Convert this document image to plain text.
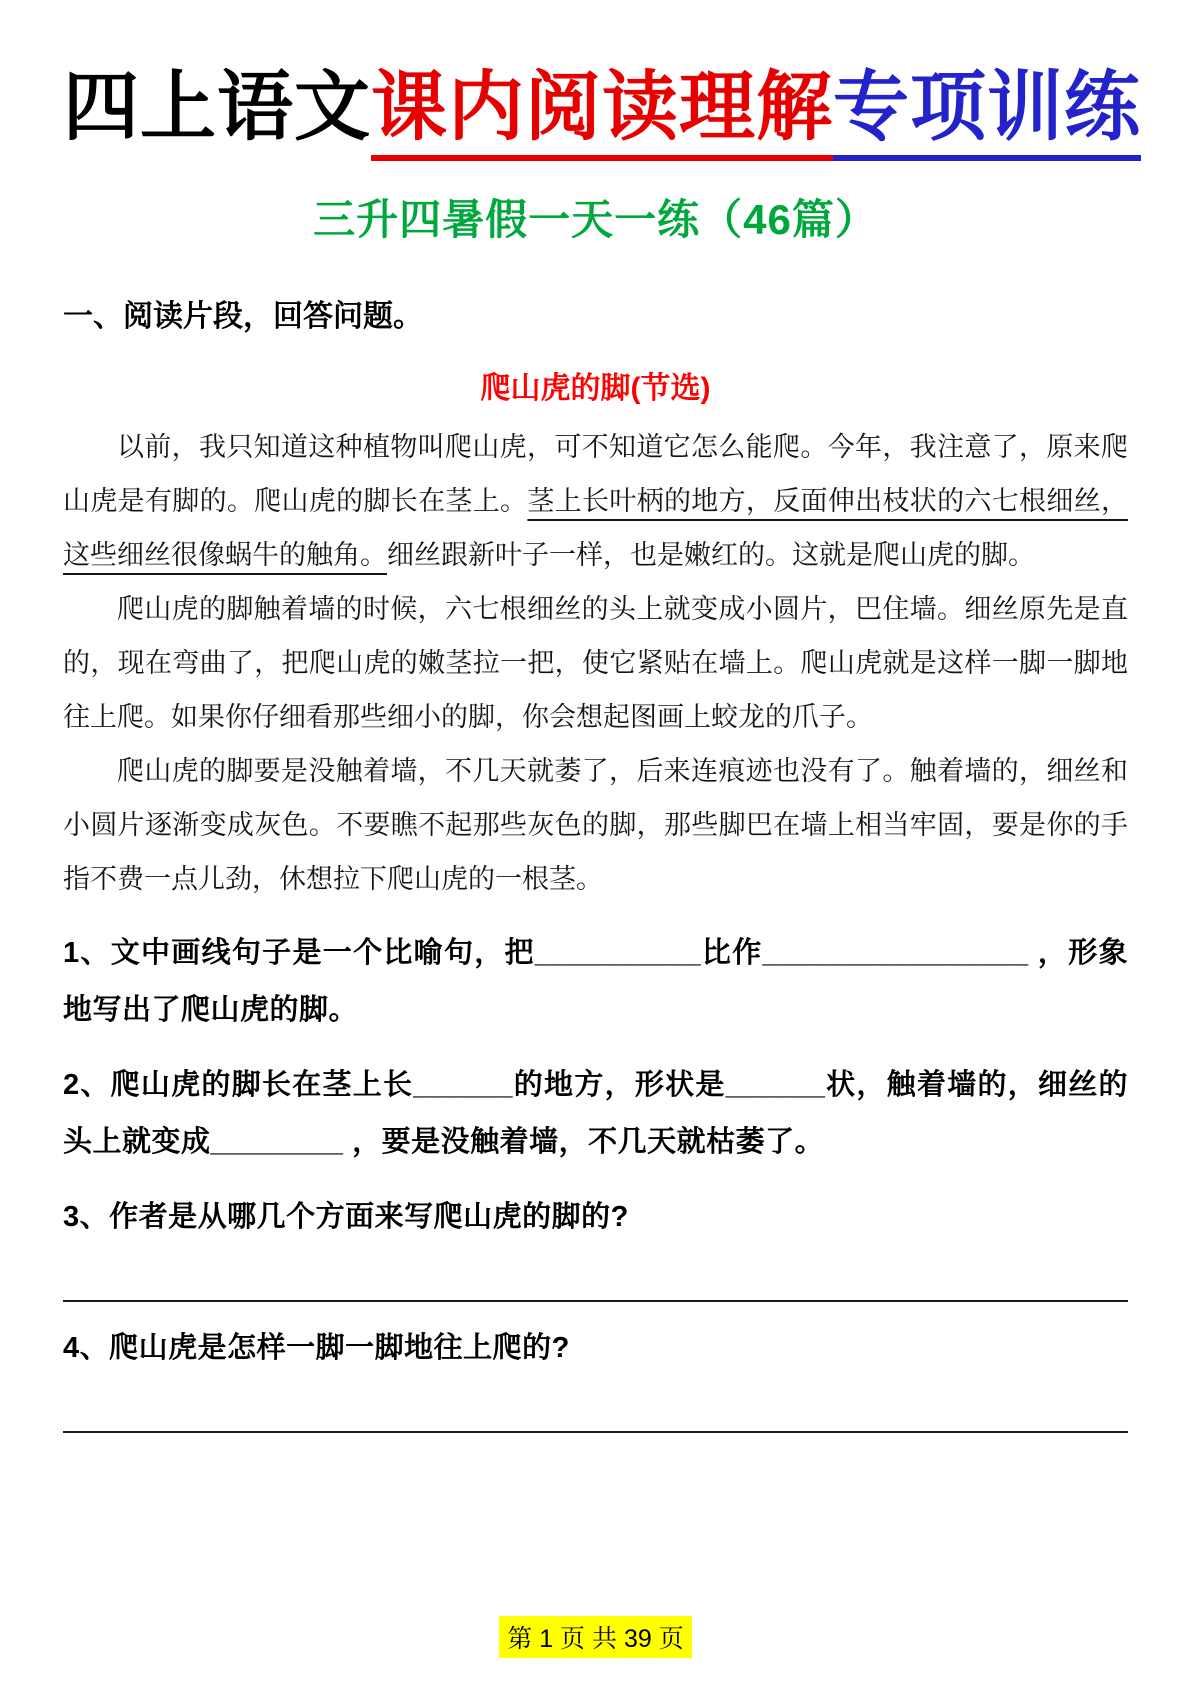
四上语文课内阅读理解专项训练
三升四暑假一天一练（46篇）
一、阅读片段，回答问题。
爬山虎的脚(节选)

以前，我只知道这种植物叫爬山虎，可不知道它怎么能爬。今年，我注意了，原来爬山虎是有脚的。爬山虎的脚长在茎上。茎上长叶柄的地方，反面伸出枝状的六七根细丝，这些细丝很像蜗牛的触角。细丝跟新叶子一样，也是嫩红的。这就是爬山虎的脚。

爬山虎的脚触着墙的时候，六七根细丝的头上就变成小圆片，巴住墙。细丝原先是直的，现在弯曲了，把爬山虎的嫩茎拉一把，使它紧贴在墙上。爬山虎就是这样一脚一脚地往上爬。如果你仔细看那些细小的脚，你会想起图画上蛟龙的爪子。

爬山虎的脚要是没触着墙，不几天就萎了，后来连痕迹也没有了。触着墙的，细丝和小圆片逐渐变成灰色。不要瞧不起那些灰色的脚，那些脚巴在墙上相当牢固，要是你的手指不费一点儿劲，休想拉下爬山虎的一根茎。

1、文中画线句子是一个比喻句，把__________比作________________ ，形象地写出了爬山虎的脚。
2、爬山虎的脚长在茎上长______的地方，形状是______状，触着墙的，细丝的头上就变成________ ，要是没触着墙，不几天就枯萎了。
3、作者是从哪几个方面来写爬山虎的脚的?
4、爬山虎是怎样一脚一脚地往上爬的?
第 1 页 共 39 页
